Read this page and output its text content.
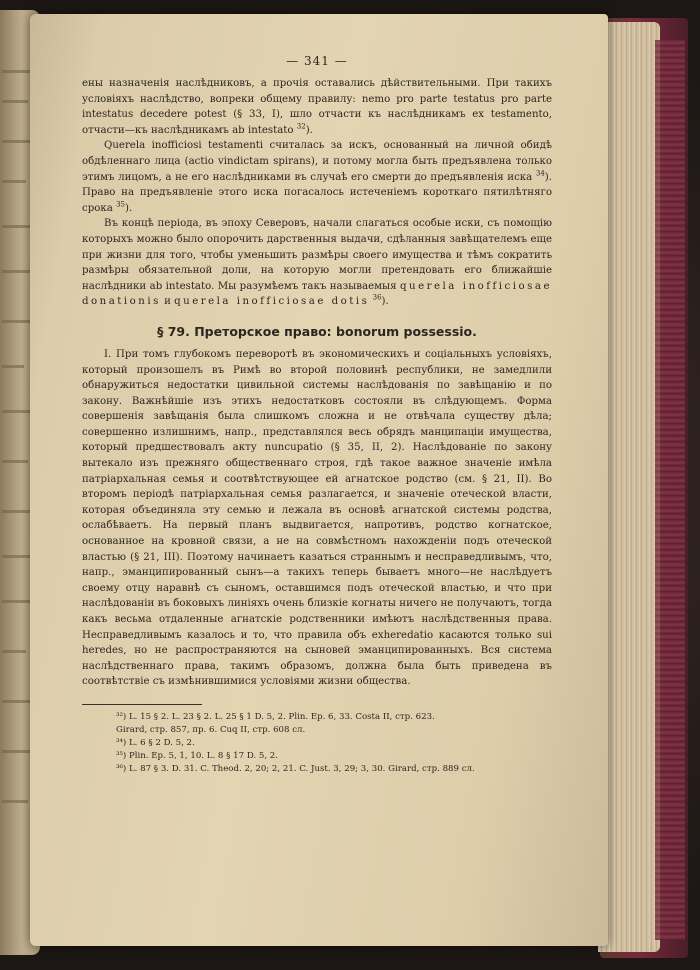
— 341 —

ены назначенія наслѣдниковъ, а прочія оставались дѣйствительными. При такихъ условіяхъ наслѣдство, вопреки общему правилу: nemo pro parte testatus pro parte intestatus decedere potest (§ 33, I), шло отчасти къ наслѣдникамъ ex testamento, отчасти—къ наслѣдникамъ ab intestato $^{32}$).

Querela inofficiosi testamenti считалась за искъ, основанный на личной обидѣ обдѣленнаго лица (actio vindictam spirans), и потому могла быть предъявлена только этимъ лицомъ, а не его наслѣдниками въ случаѣ его смерти до предъявленія иска $^{34}$). Право на предъявленіе этого иска погасалось истеченіемъ короткаго пятилѣтняго срока $^{35}$).

Въ концѣ періода, въ эпоху Северовъ, начали слагаться особые иски, съ помощію которыхъ можно было опорочить дарственныя выдачи, сдѣланныя завѣщателемъ еще при жизни для того, чтобы уменьшить размѣры своего имущества и тѣмъ сократить размѣры обязательной доли, на которую могли претендовать его ближайшіе наслѣдники ab intestato. Мы разумѣемъ такъ называемыя querela inofficiosae donationis и querela inofficiosae dotis $^{36}$).

§ 79. Преторское право: bonorum possessio.

I. При томъ глубокомъ переворотѣ въ экономическихъ и соціальныхъ условіяхъ, который произошелъ въ Римѣ во второй половинѣ республики, не замедлили обнаружиться недостатки цивильной системы наслѣдованія по завѣщанію и по закону. Важнѣйшіе изъ этихъ недостатковъ состояли въ слѣдующемъ. Форма совершенія завѣщанія была слишкомъ сложна и не отвѣчала существу дѣла; совершенно излишнимъ, напр., представлялся весь обрядъ манципаціи имущества, который предшествовалъ акту nuncupatio (§ 35, II, 2). Наслѣдованіе по закону вытекало изъ прежняго общественнаго строя, гдѣ такое важное значеніе имѣла патріархальная семья и соотвѣтствующее ей агнатское родство (см. § 21, II). Во второмъ періодѣ патріархальная семья разлагается, и значеніе отеческой власти, которая объединяла эту семью и лежала въ основѣ агнатской системы родства, ослабѣваетъ. На первый планъ выдвигается, напротивъ, родство когнатское, основанное на кровной связи, а не на совмѣстномъ нахожденіи подъ отеческой властью (§ 21, III). Поэтому начинаетъ казаться страннымъ и несправедливымъ, что, напр., эманципированный сынъ—а такихъ теперь бываетъ много—не наслѣдуетъ своему отцу наравнѣ съ сыномъ, оставшимся подъ отеческой властью, и что при наслѣдованіи въ боковыхъ линіяхъ очень близкіе когнаты ничего не получаютъ, тогда какъ весьма отдаленные агнатскіе родственники имѣютъ наслѣдственныя права. Несправедливымъ казалось и то, что правила объ exheredatio касаются только sui heredes, но не распространяются на сыновей эманципированныхъ. Вся система наслѣдственнаго права, такимъ образомъ, должна была быть приведена въ соотвѣтствіе съ измѣнившимися условіями жизни общества.

³²) L. 15 § 2. L. 23 § 2. L. 25 § 1 D. 5, 2. Plin. Ep. 6, 33. Costa II, стр. 623.

Girard, стр. 857, пр. 6. Cuq II, стр. 608 сл.

³⁴) L. 6 § 2 D. 5, 2.

³⁵) Plin. Ep. 5, 1, 10. L. 8 § 17 D. 5, 2.

³⁶) L. 87 § 3. D. 31. C. Theod. 2, 20; 2, 21. C. Just. 3, 29; 3, 30. Girard, стр. 889 сл.
